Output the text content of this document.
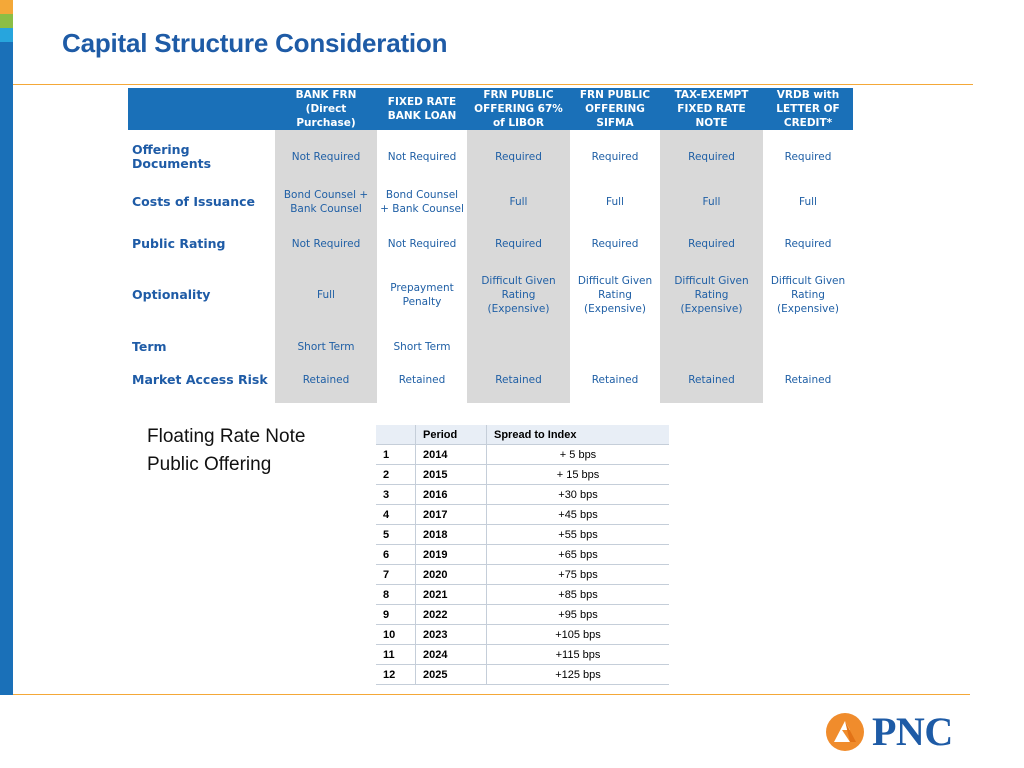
Capital Structure Consideration
	BANK FRN (Direct Purchase)	FIXED RATE BANK LOAN	FRN PUBLIC OFFERING 67% of LIBOR	FRN PUBLIC OFFERING SIFMA	TAX-EXEMPT FIXED RATE NOTE	VRDB with LETTER OF CREDIT*

Offering Documents	Not Required	Not Required	Required	Required	Required	Required
Costs of Issuance	Bond Counsel + Bank Counsel	Bond Counsel + Bank Counsel	Full	Full	Full	Full
Public Rating	Not Required	Not Required	Required	Required	Required	Required
Optionality	Full	Prepayment Penalty	Difficult Given Rating (Expensive)	Difficult Given Rating (Expensive)	Difficult Given Rating (Expensive)	Difficult Given Rating (Expensive)
Term	Short Term	Short Term				
Market Access Risk	Retained	Retained	Retained	Retained	Retained	Retained
Floating Rate Note
Public Offering
	Period	Spread to Index
1	2014	+ 5 bps
2	2015	+ 15 bps
3	2016	+30 bps
4	2017	+45 bps
5	2018	+55 bps
6	2019	+65 bps
7	2020	+75 bps
8	2021	+85 bps
9	2022	+95 bps
10	2023	+105 bps
11	2024	+115 bps
12	2025	+125 bps
PNC
